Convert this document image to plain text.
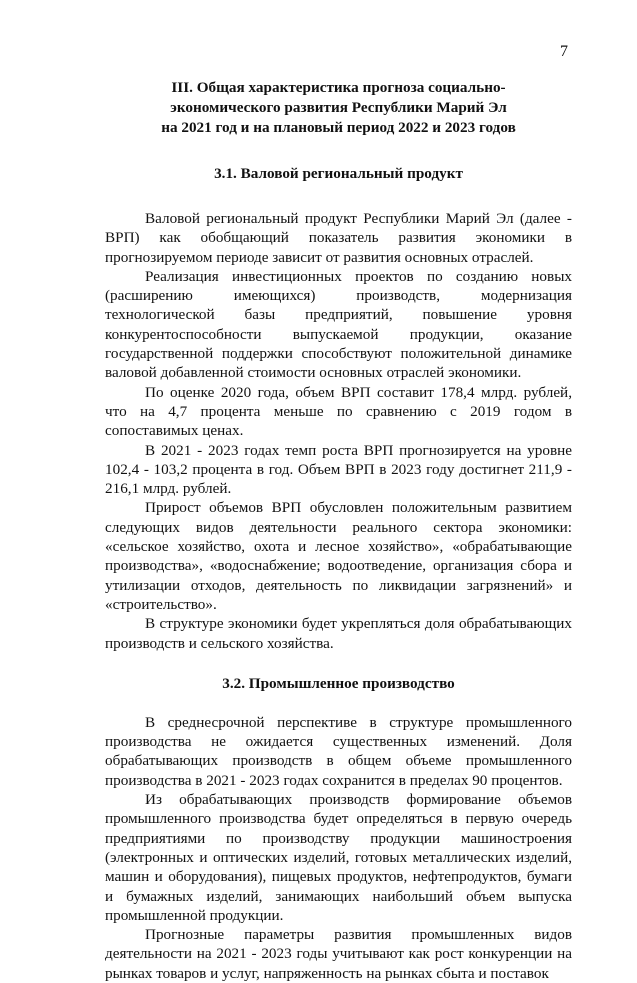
7
III. Общая характеристика прогноза социально-
экономического развития Республики Марий Эл
на 2021 год и на плановый период 2022 и 2023 годов
3.1. Валовой региональный продукт

Валовой региональный продукт Республики Марий Эл (далее - ВРП) как обобщающий показатель развития экономики в прогнозируемом периоде зависит от развития основных отраслей.

Реализация инвестиционных проектов по созданию новых (расширению имеющихся) производств, модернизация технологической базы предприятий, повышение уровня конкурентоспособности выпускаемой продукции, оказание государственной поддержки способствуют положительной динамике валовой добавленной стоимости основных отраслей экономики.

По оценке 2020 года, объем ВРП составит 178,4 млрд. рублей, что на 4,7 процента меньше по сравнению с 2019 годом в сопоставимых ценах.

В 2021 - 2023 годах темп роста ВРП прогнозируется на уровне 102,4 - 103,2 процента в год. Объем ВРП в 2023 году достигнет 211,9 - 216,1 млрд. рублей.

Прирост объемов ВРП обусловлен положительным развитием следующих видов деятельности реального сектора экономики: «сельское хозяйство, охота и лесное хозяйство», «обрабатывающие производства», «водоснабжение; водоотведение, организация сбора и утилизации отходов, деятельность по ликвидации загрязнений» и «строительство».

В структуре экономики будет укрепляться доля обрабатывающих производств и сельского хозяйства.

3.2. Промышленное производство

В среднесрочной перспективе в структуре промышленного производства не ожидается существенных изменений. Доля обрабатывающих производств в общем объеме промышленного производства в 2021 - 2023 годах сохранится в пределах 90 процентов.

Из обрабатывающих производств формирование объемов промышленного производства будет определяться в первую очередь предприятиями по производству продукции машиностроения (электронных и оптических изделий, готовых металлических изделий, машин и оборудования), пищевых продуктов, нефтепродуктов, бумаги и бумажных изделий, занимающих наибольший объем выпуска промышленной продукции.

Прогнозные параметры развития промышленных видов деятельности на 2021 - 2023 годы учитывают как рост конкуренции на рынках товаров и услуг, напряженность на рынках сбыта и поставок
